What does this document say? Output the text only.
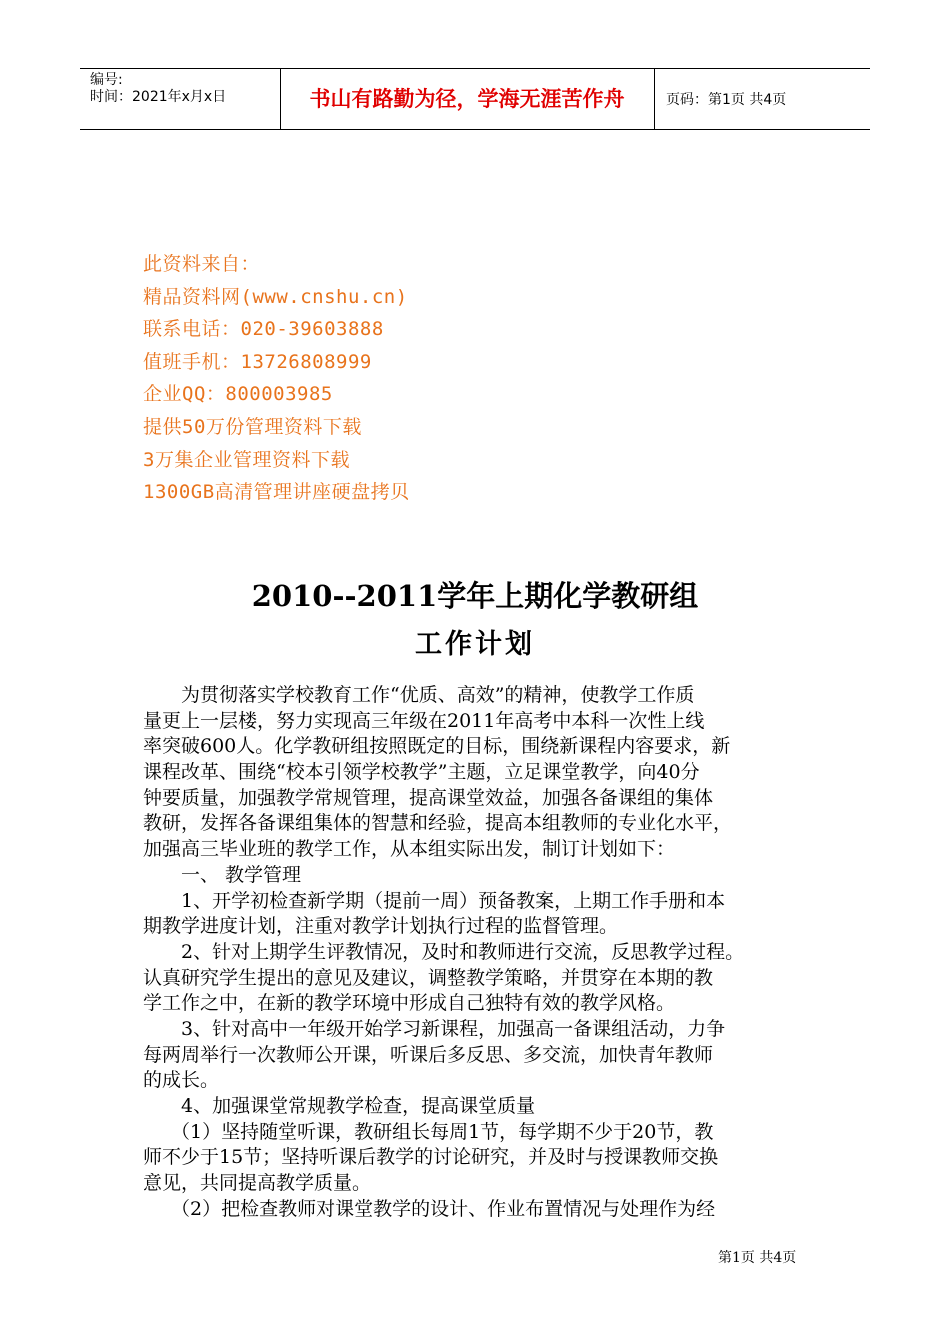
编号:
时间：2021年x月x日	书山有路勤为径，学海无涯苦作舟	页码：第1页 共4页
此资料来自：
精品资料网(www.cnshu.cn)
联系电话：020-39603888
值班手机：13726808999
企业QQ：800003985
提供50万份管理资料下载
3万集企业管理资料下载
1300GB高清管理讲座硬盘拷贝
2010--2011学年上期化学教研组
工作计划
为贯彻落实学校教育工作“优质、高效”的精神，使教学工作质
量更上一层楼，努力实现高三年级在2011年高考中本科一次性上线
率突破600人。化学教研组按照既定的目标，围绕新课程内容要求，新
课程改革、围绕“校本引领学校教学”主题，立足课堂教学，向40分
钟要质量，加强教学常规管理，提高课堂效益，加强各备课组的集体
教研，发挥各备课组集体的智慧和经验，提高本组教师的专业化水平，
加强高三毕业班的教学工作，从本组实际出发，制订计划如下：
一、 教学管理
1、开学初检查新学期（提前一周）预备教案，上期工作手册和本
期教学进度计划，注重对教学计划执行过程的监督管理。
2、针对上期学生评教情况，及时和教师进行交流，反思教学过程。
认真研究学生提出的意见及建议，调整教学策略，并贯穿在本期的教
学工作之中，在新的教学环境中形成自己独特有效的教学风格。
3、针对高中一年级开始学习新课程，加强高一备课组活动，力争
每两周举行一次教师公开课，听课后多反思、多交流，加快青年教师
的成长。
4、加强课堂常规教学检查，提高课堂质量
（1）坚持随堂听课，教研组长每周1节，每学期不少于20节，教
师不少于15节；坚持听课后教学的讨论研究，并及时与授课教师交换
意见，共同提高教学质量。
（2）把检查教师对课堂教学的设计、作业布置情况与处理作为经
第1页 共4页
